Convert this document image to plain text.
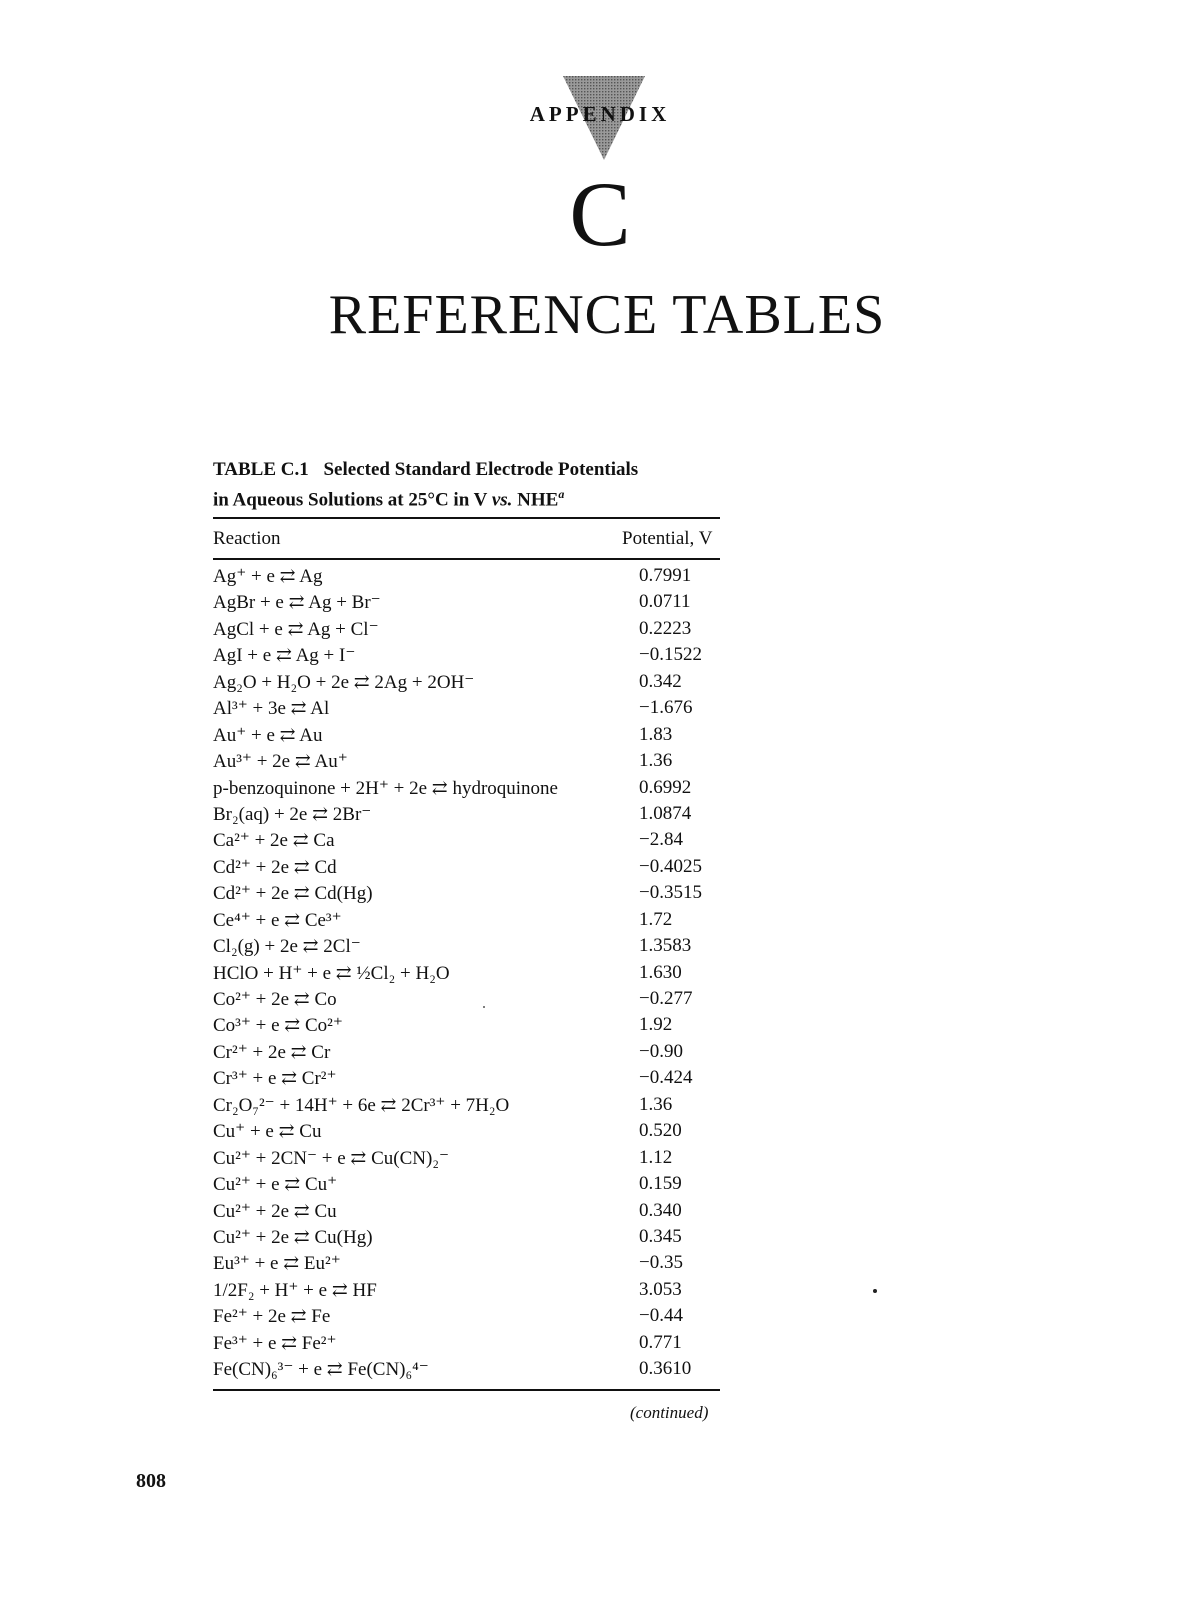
APPENDIX
C
REFERENCE TABLES
TABLE C.1 Selected Standard Electrode Potentials
in Aqueous Solutions at 25°C in V vs. NHE$^a$
Reaction	Potential, V
Ag⁺ + e ⇄ Ag	0.7991
AgBr + e ⇄ Ag + Br⁻	0.0711
AgCl + e ⇄ Ag + Cl⁻	0.2223
AgI + e ⇄ Ag + I⁻	−0.1522
Ag₂O + H₂O + 2e ⇄ 2Ag + 2OH⁻	0.342
Al³⁺ + 3e ⇄ Al	−1.676
Au⁺ + e ⇄ Au	1.83
Au³⁺ + 2e ⇄ Au⁺	1.36
p-benzoquinone + 2H⁺ + 2e ⇄ hydroquinone	0.6992
Br₂(aq) + 2e ⇄ 2Br⁻	1.0874
Ca²⁺ + 2e ⇄ Ca	−2.84
Cd²⁺ + 2e ⇄ Cd	−0.4025
Cd²⁺ + 2e ⇄ Cd(Hg)	−0.3515
Ce⁴⁺ + e ⇄ Ce³⁺	1.72
Cl₂(g) + 2e ⇄ 2Cl⁻	1.3583
HClO + H⁺ + e ⇄ ½Cl₂ + H₂O	1.630
Co²⁺ + 2e ⇄ Co	−0.277
Co³⁺ + e ⇄ Co²⁺	1.92
Cr²⁺ + 2e ⇄ Cr	−0.90
Cr³⁺ + e ⇄ Cr²⁺	−0.424
Cr₂O₇²⁻ + 14H⁺ + 6e ⇄ 2Cr³⁺ + 7H₂O	1.36
Cu⁺ + e ⇄ Cu	0.520
Cu²⁺ + 2CN⁻ + e ⇄ Cu(CN)₂⁻	1.12
Cu²⁺ + e ⇄ Cu⁺	0.159
Cu²⁺ + 2e ⇄ Cu	0.340
Cu²⁺ + 2e ⇄ Cu(Hg)	0.345
Eu³⁺ + e ⇄ Eu²⁺	−0.35
1/2F₂ + H⁺ + e ⇄ HF	3.053
Fe²⁺ + 2e ⇄ Fe	−0.44
Fe³⁺ + e ⇄ Fe²⁺	0.771
Fe(CN)₆³⁻ + e ⇄ Fe(CN)₆⁴⁻	0.3610
(continued)
808
